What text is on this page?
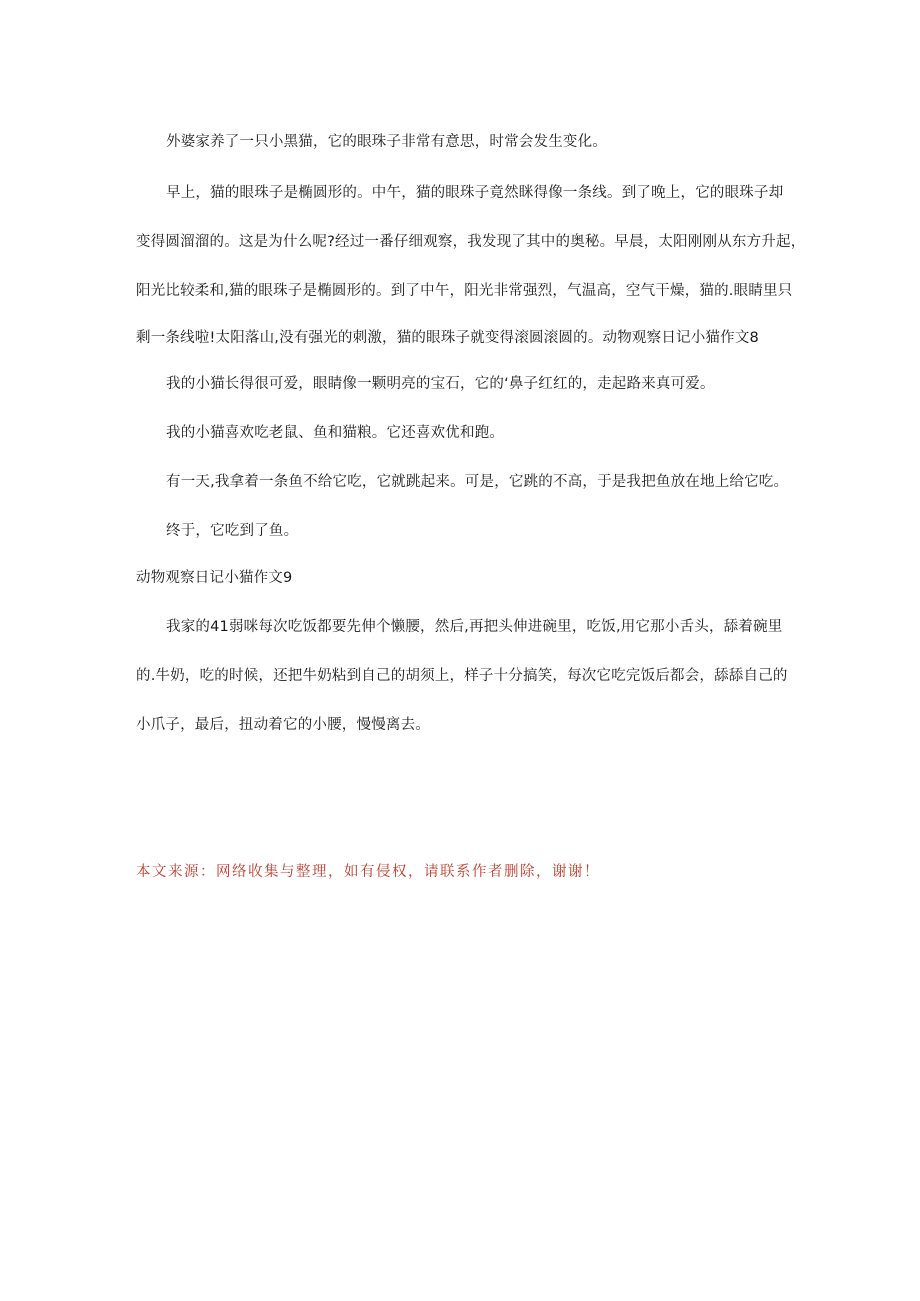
外婆家养了一只小黑猫，它的眼珠子非常有意思，时常会发生变化。
早上，猫的眼珠子是椭圆形的。中午，猫的眼珠子竟然眯得像一条线。到了晚上，它的眼珠子却
变得圆溜溜的。这是为什么呢?经过一番仔细观察，我发现了其中的奥秘。早晨，太阳刚刚从东方升起，
阳光比较柔和,猫的眼珠子是椭圆形的。到了中午，阳光非常强烈，气温高，空气干燥，猫的.眼睛里只
剩一条线啦!太阳落山,没有强光的刺激，猫的眼珠子就变得滚圆滚圆的。动物观察日记小猫作文8
我的小猫长得很可爱，眼睛像一颗明亮的宝石，它的‘鼻子红红的，走起路来真可爱。
我的小猫喜欢吃老鼠、鱼和猫粮。它还喜欢优和跑。
有一天,我拿着一条鱼不给它吃，它就跳起来。可是，它跳的不高，于是我把鱼放在地上给它吃。
终于，它吃到了鱼。
动物观察日记小猫作文9
我家的41弱咪每次吃饭都要先伸个懒腰，然后,再把头伸进碗里，吃饭,用它那小舌头，舔着碗里
的.牛奶，吃的时候，还把牛奶粘到自己的胡须上，样子十分搞笑，每次它吃完饭后都会，舔舔自己的
小爪子，最后，扭动着它的小腰，慢慢离去。
本文来源：网络收集与整理，如有侵权，请联系作者删除，谢谢！
